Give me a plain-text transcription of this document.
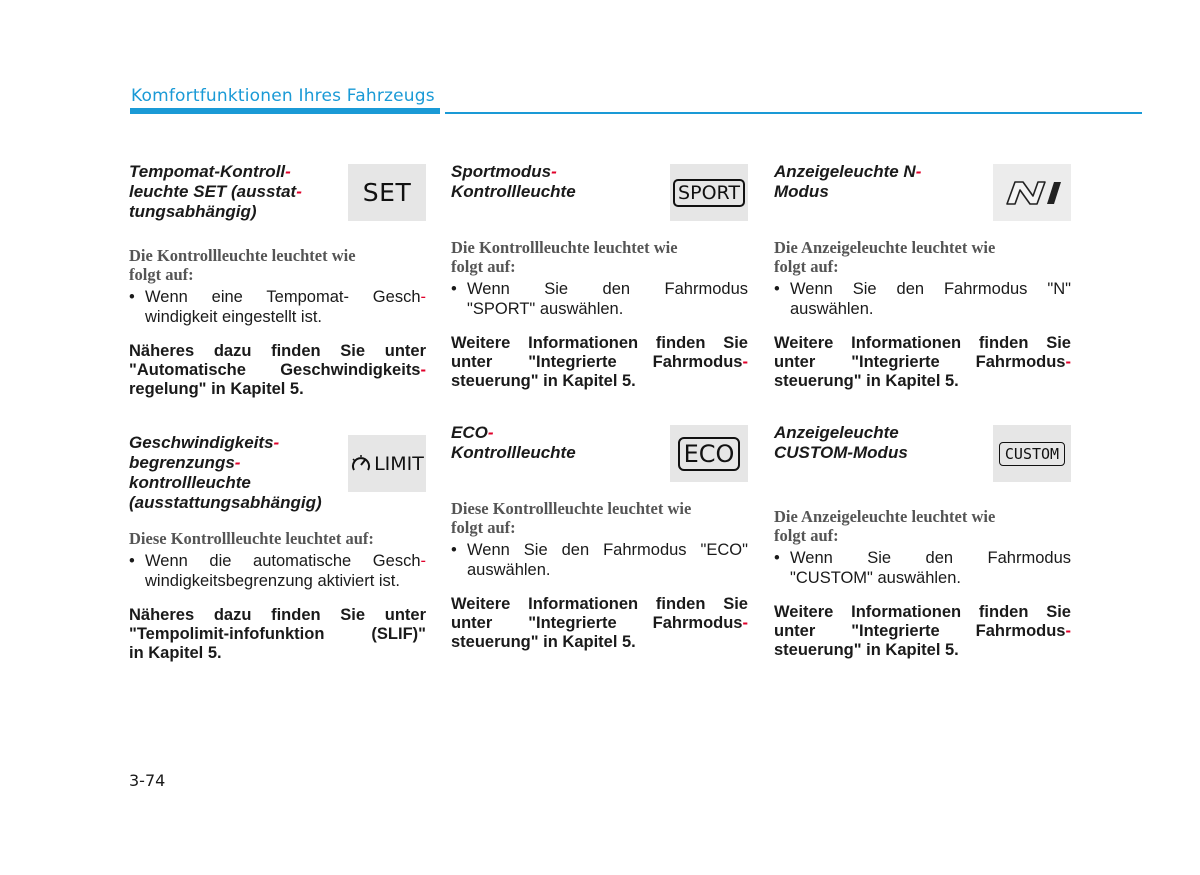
Komfortfunktionen Ihres Fahrzeugs
Tempomat-Kontroll-
leuchte SET (ausstat-
tungsabhängig)
SET
Die Kontrollleuchte leuchtet wie
folgt auf:
• Wenn eine Tempomat- Gesch-
windigkeit eingestellt ist.
Näheres dazu finden Sie unter
"Automatische Geschwindigkeits-
regelung" in Kapitel 5.
Geschwindigkeits-
begrenzungs-
kontrollleuchte
(ausstattungsabhängig)
LIMIT
Diese Kontrollleuchte leuchtet auf:
• Wenn die automatische Gesch-
windigkeitsbegrenzung aktiviert ist.
Näheres dazu finden Sie unter
"Tempolimit-infofunktion (SLIF)"
in Kapitel 5.
Sportmodus-
Kontrollleuchte	SPORT
Die Kontrollleuchte leuchtet wie
folgt auf:
• Wenn Sie den Fahrmodus
"SPORT" auswählen.
Weitere Informationen finden Sie
unter "Integrierte Fahrmodus-
steuerung" in Kapitel 5.
ECO-
Kontrollleuchte	ECO
Diese Kontrollleuchte leuchtet wie
folgt auf:
• Wenn Sie den Fahrmodus "ECO"
auswählen.
Weitere Informationen finden Sie
unter "Integrierte Fahrmodus-
steuerung" in Kapitel 5.
Anzeigeleuchte N-
Modus
Die Anzeigeleuchte leuchtet wie
folgt auf:
• Wenn Sie den Fahrmodus "N"
auswählen.
Weitere Informationen finden Sie
unter "Integrierte Fahrmodus-
steuerung" in Kapitel 5.
Anzeigeleuchte
CUSTOM-Modus	CUSTOM
Die Anzeigeleuchte leuchtet wie
folgt auf:
• Wenn Sie den Fahrmodus
"CUSTOM" auswählen.
Weitere Informationen finden Sie
unter "Integrierte Fahrmodus-
steuerung" in Kapitel 5.
3-74
